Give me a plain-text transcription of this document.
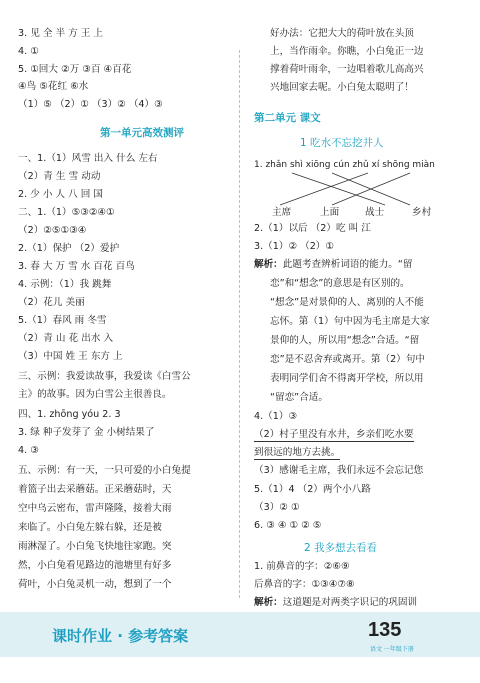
3. 见 全 半 方 王 上
4. ①
5. ①回大 ②万 ③百 ④百花
④鸟 ⑤花红 ⑥水
（1）⑤ （2）① （3）② （4）③
第一单元高效测评
一、1.（1）风雪 出入 什么 左右
（2）青 生 雪 动动
2. 少 小 人 八 回 国
二、1.（1）⑤③②④①
（2）②⑤①③④
2.（1）保护 （2）爱护
3. 春 大 万 雪 水 百花 百鸟
4. 示例：（1）我 跳舞
（2）花儿 美丽
5.（1）春风 雨 冬雪
（2）青 山 花 出水 入
（3）中国 姓 王 东方 上
三、示例：我爱读故事，我爱读《白雪公
主》的故事。因为白雪公主很善良。
四、1. zhōng yóu 2. 3
3. 绿 种子发芽了 金 小树结果了
4. ③
五、示例：有一天，一只可爱的小白兔提
着篮子出去采蘑菇。正采蘑菇时，天
空中乌云密布，雷声隆隆，接着大雨
来临了。小白兔左躲右躲，还是被
雨淋湿了。小白兔飞快地往家跑。突
然，小白兔看见路边的池塘里有好多
荷叶，小白兔灵机一动，想到了一个
好办法：它把大大的荷叶放在头顶
上，当作雨伞。你瞧，小白兔正一边
撑着荷叶雨伞，一边唱着歌儿高高兴
兴地回家去呢。小白兔太聪明了！
第二单元 课文
1 吃水不忘挖井人
1. zhǎn shì xiōng cún zhǔ xí shōng miàn
主席	上面	战士	乡村
2.（1）以后 （2）吃 叫 江
3.（1）② （2）①
解析：此题考查辨析词语的能力。“留
恋”和“想念”的意思是有区别的。
“想念”是对景仰的人、离别的人不能
忘怀。第（1）句中因为毛主席是大家
景仰的人，所以用“想念”合适。“留
恋”是不忍舍弃或离开。第（2）句中
表明同学们舍不得离开学校，所以用
“留恋”合适。
4.（1）③
（2）村子里没有水井，乡亲们吃水要
到很远的地方去挑。
（3）感谢毛主席，我们永远不会忘记您
5.（1）4 （2）两个小八路
（3）② ①
6. ③ ④ ① ② ⑤
2 我多想去看看
1. 前鼻音的字：②⑥⑨
后鼻音的字：①③④⑦⑧
解析：这道题是对两类字识记的巩固训
课时作业 · 参考答案	135
语文 一年级下册
